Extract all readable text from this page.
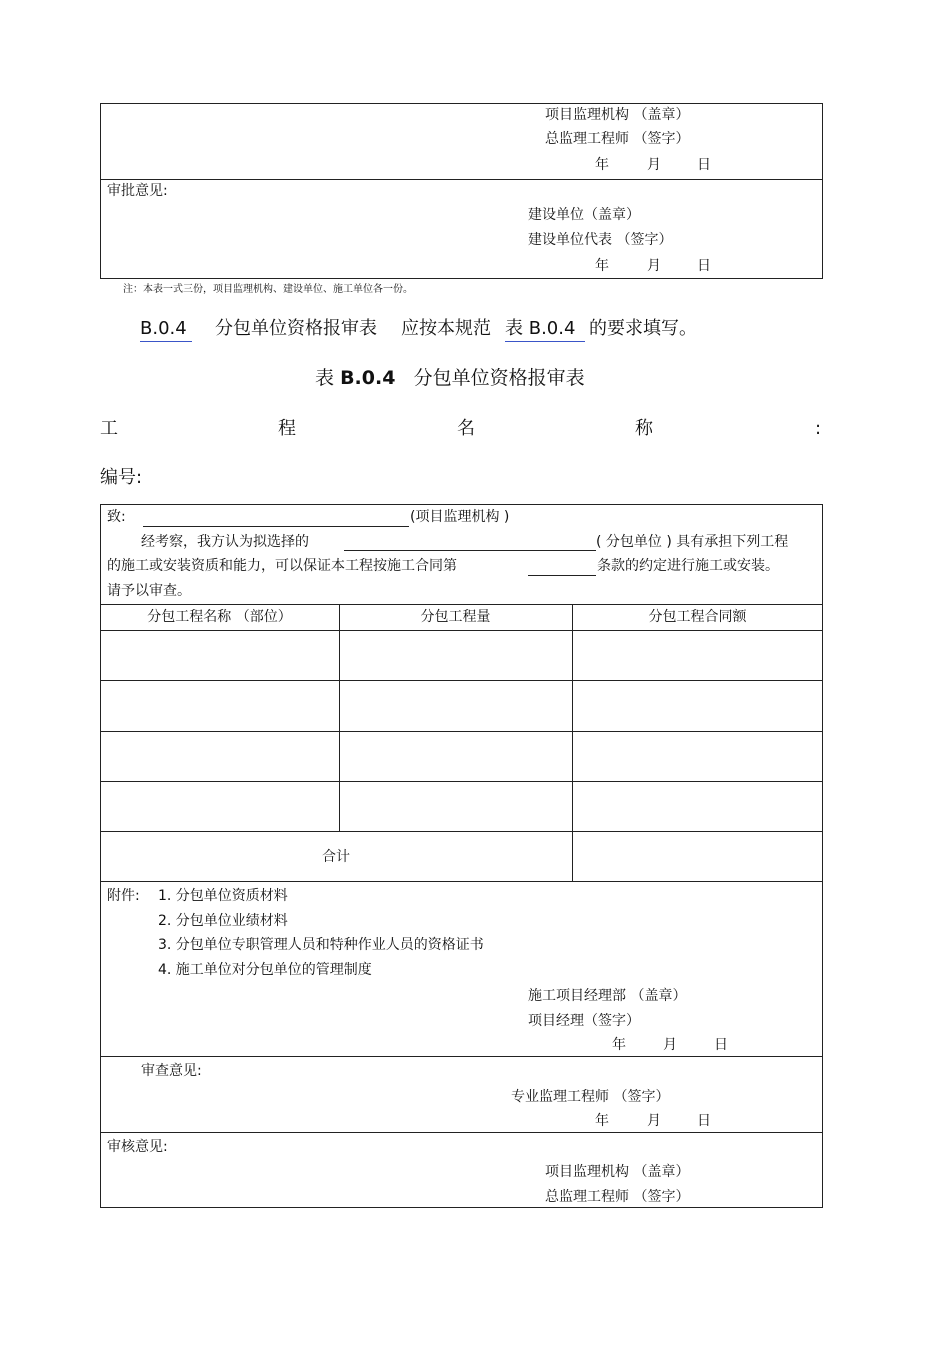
项目监理机构 （盖章）
总监理工程师 （签字）
年	月	日
审批意见:
建设单位（盖章）
建设单位代表 （签字）
年	月	日
注：本表一式三份，项目监理机构、建设单位、施工单位各一份。
B.0.4 分包单位资格报审表 应按本规范 表 B.0.4 的要求填写。
表 B.0.4 分包单位资格报审表
工	程	名	称	:
编号:
致:	(项目监理机构 )
经考察，我方认为拟选择的	( 分包单位 ) 具有承担下列工程
的施工或安装资质和能力，可以保证本工程按施工合同第	条款的约定进行施工或安装。
请予以审查。
分包工程名称 （部位）	分包工程量	分包工程合同额
合计
附件: 1. 分包单位资质材料
2. 分包单位业绩材料
3. 分包单位专职管理人员和特种作业人员的资格证书
4. 施工单位对分包单位的管理制度
施工项目经理部 （盖章）
项目经理（签字）
年	月	日
审查意见:
专业监理工程师 （签字）
年	月	日
审核意见:
项目监理机构 （盖章）
总监理工程师 （签字）
